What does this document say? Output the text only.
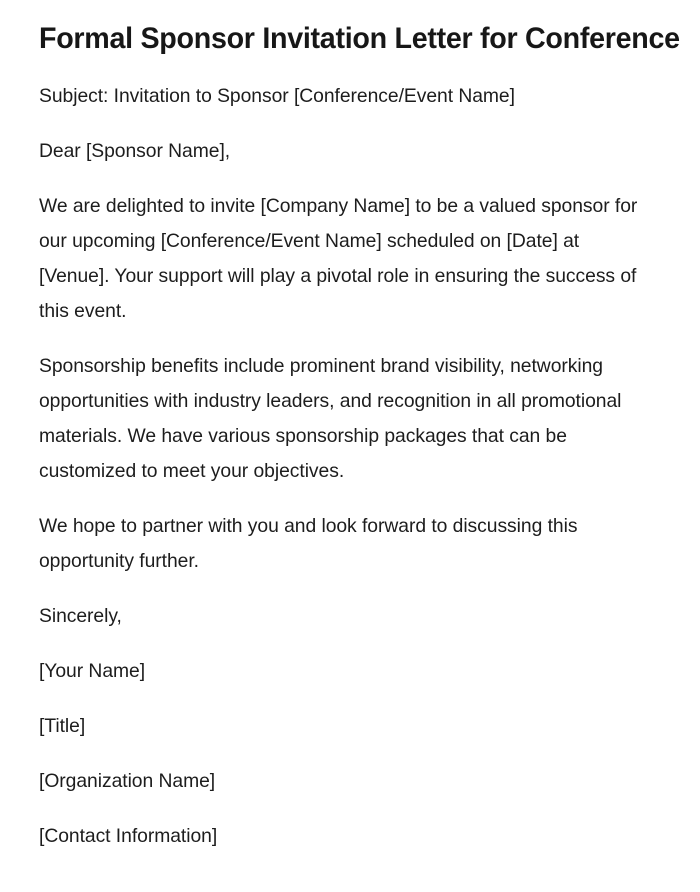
Formal Sponsor Invitation Letter for Conference

Subject: Invitation to Sponsor [Conference/Event Name]

Dear [Sponsor Name],

We are delighted to invite [Company Name] to be a valued sponsor for our upcoming [Conference/Event Name] scheduled on [Date] at [Venue]. Your support will play a pivotal role in ensuring the success of this event.

Sponsorship benefits include prominent brand visibility, networking opportunities with industry leaders, and recognition in all promotional materials. We have various sponsorship packages that can be customized to meet your objectives.

We hope to partner with you and look forward to discussing this opportunity further.

Sincerely,

[Your Name]

[Title]

[Organization Name]

[Contact Information]
